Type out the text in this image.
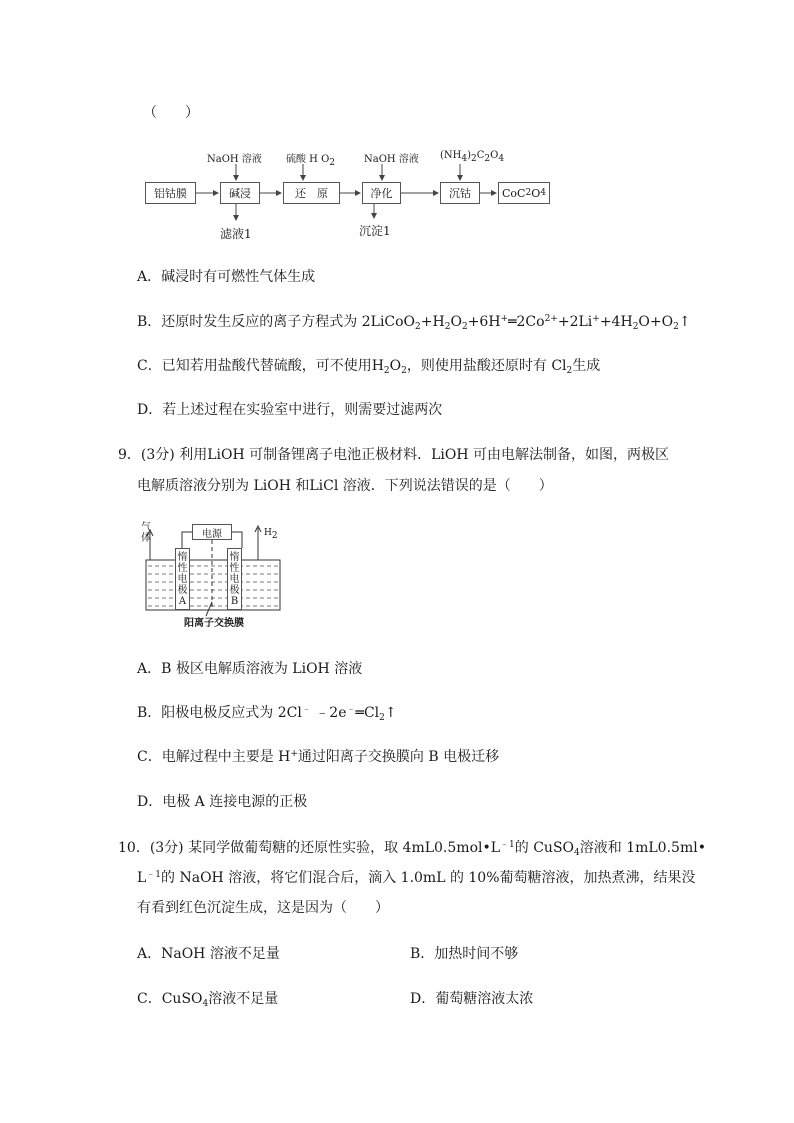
（　　）
NaOH 溶液 硫酸 H $O_2$	NaOH 溶液 $(NH_4)_2C_2O_4$
铝钴膜	碱浸	还　原	净化	沉钴	CoC 2 O 4
滤液1	沉淀1
A．碱浸时有可燃性气体生成
B．还原时发生反应的离子方程式为 $2LiCoO_2+H_2O_2+6H^+═2Co^{2+}+2Li^++4H_2O+O_2↑$
C．已知若用盐酸代替硫酸，可不使用$H_2O_2$，则使用盐酸还原时有 $Cl_2$生成
D．若上述过程在实验室中进行，则需要过滤两次
9．(3分) 利用LiOH 可制备锂离子电池正极材料．LiOH 可由电解法制备，如图，两极区
电解质溶液分别为 LiOH 和LiCl 溶液．下列说法错误的是（　　）
气体	电源	$H_2$
惰
性
电
极
A
惰
性
电
极
B
阳离子交换膜
A．B 极区电解质溶液为 LiOH 溶液
B．阳极电极反应式为 2Cl﹣ $﹣2e^﹣═Cl_2↑$
C．电解过程中主要是 H+通过阳离子交换膜向 B 电极迁移
D．电极 A 连接电源的正极
10．(3分) 某同学做葡萄糖的还原性实验，取 $4mL0.5mol•L^{﹣1}$的 CuSO$_4$溶液和 1mL0.5ml•
$L^{﹣1}$的 NaOH 溶液，将它们混合后，滴入 1.0mL 的 10%葡萄糖溶液，加热煮沸，结果没
有看到红色沉淀生成，这是因为（　　）
A．NaOH 溶液不足量	B．加热时间不够
C．CuSO$_4$溶液不足量	D．葡萄糖溶液太浓
